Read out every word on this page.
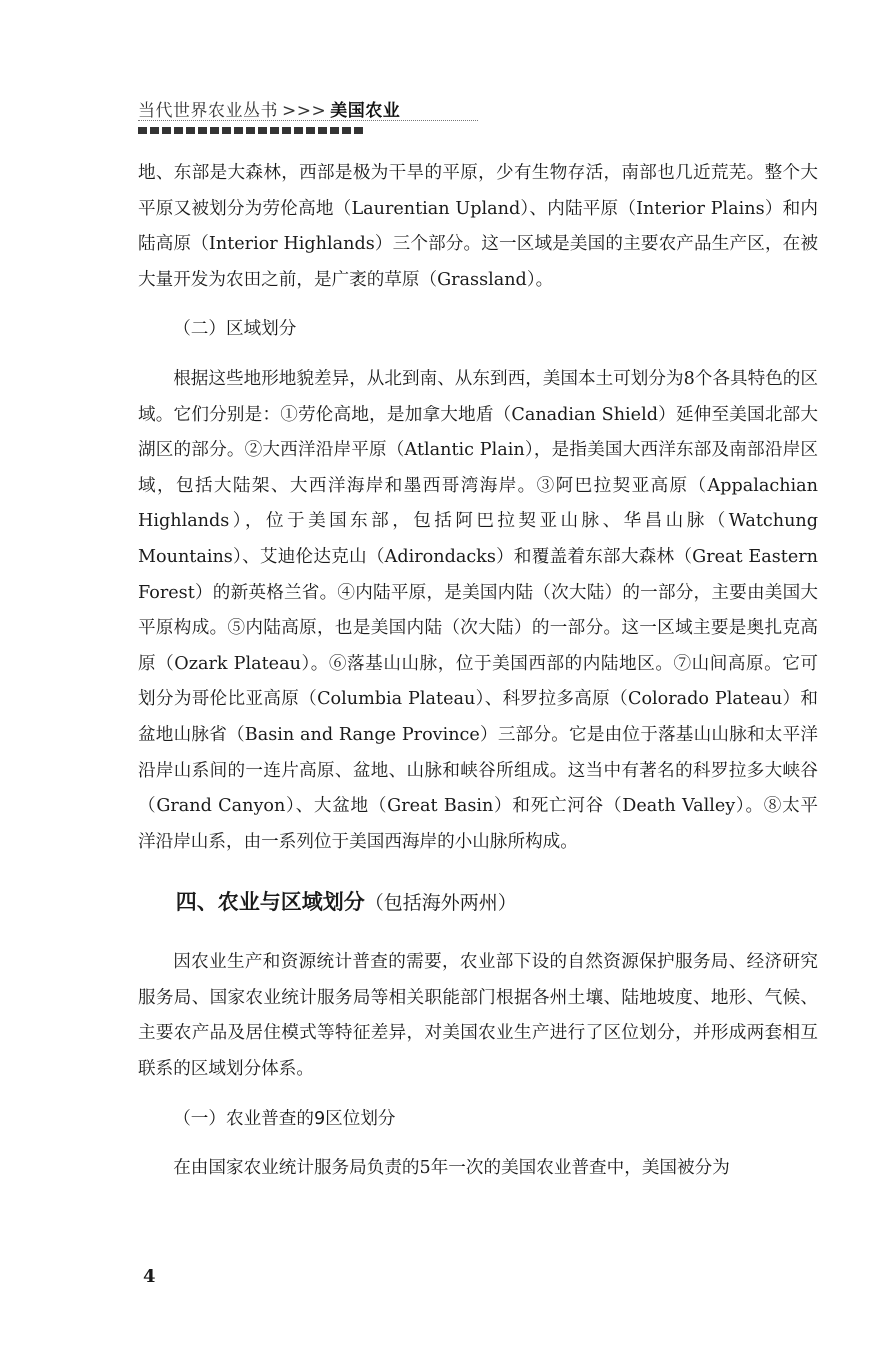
当代世界农业丛书 >>> 美国农业

地、东部是大森林，西部是极为干旱的平原，少有生物存活，南部也几近荒芜。整个大平原又被划分为劳伦高地（Laurentian Upland）、内陆平原（Interior Plains）和内陆高原（Interior Highlands）三个部分。这一区域是美国的主要农产品生产区，在被大量开发为农田之前，是广袤的草原（Grassland）。

（二）区域划分

根据这些地形地貌差异，从北到南、从东到西，美国本土可划分为8个各具特色的区域。它们分别是：①劳伦高地，是加拿大地盾（Canadian Shield）延伸至美国北部大湖区的部分。②大西洋沿岸平原（Atlantic Plain），是指美国大西洋东部及南部沿岸区域，包括大陆架、大西洋海岸和墨西哥湾海岸。③阿巴拉契亚高原（Appalachian Highlands），位于美国东部，包括阿巴拉契亚山脉、华昌山脉（Watchung Mountains）、艾迪伦达克山（Adirondacks）和覆盖着东部大森林（Great Eastern Forest）的新英格兰省。④内陆平原，是美国内陆（次大陆）的一部分，主要由美国大平原构成。⑤内陆高原，也是美国内陆（次大陆）的一部分。这一区域主要是奥扎克高原（Ozark Plateau）。⑥落基山山脉，位于美国西部的内陆地区。⑦山间高原。它可划分为哥伦比亚高原（Columbia Plateau）、科罗拉多高原（Colorado Plateau）和盆地山脉省（Basin and Range Province）三部分。它是由位于落基山山脉和太平洋沿岸山系间的一连片高原、盆地、山脉和峡谷所组成。这当中有著名的科罗拉多大峡谷（Grand Canyon）、大盆地（Great Basin）和死亡河谷（Death Valley）。⑧太平洋沿岸山系，由一系列位于美国西海岸的小山脉所构成。

四、农业与区域划分（包括海外两州）

因农业生产和资源统计普查的需要，农业部下设的自然资源保护服务局、经济研究服务局、国家农业统计服务局等相关职能部门根据各州土壤、陆地坡度、地形、气候、主要农产品及居住模式等特征差异，对美国农业生产进行了区位划分，并形成两套相互联系的区域划分体系。

（一）农业普查的9区位划分

在由国家农业统计服务局负责的5年一次的美国农业普查中，美国被分为

4
